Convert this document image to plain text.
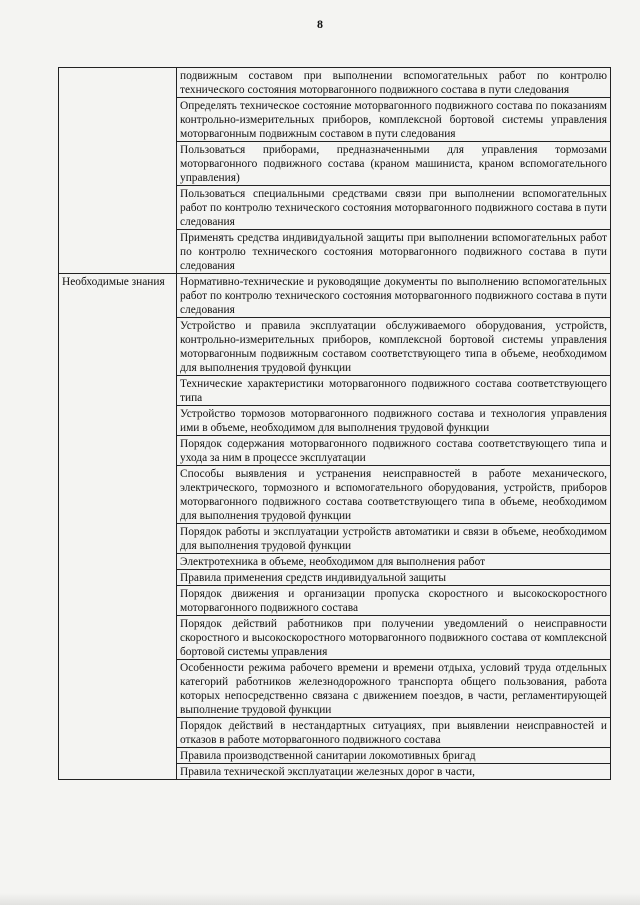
8

	подвижным составом при выполнении вспомогательных работ по контролю технического состояния моторвагонного подвижного состава в пути следования

	Определять техническое состояние моторвагонного подвижного состава по показаниям контрольно-измерительных приборов, комплексной бортовой системы управления моторвагонным подвижным составом в пути следования

	Пользоваться приборами, предназначенными для управления тормозами моторвагонного подвижного состава (краном машиниста, краном вспомогательного управления)

	Пользоваться специальными средствами связи при выполнении вспомогательных работ по контролю технического состояния моторвагонного подвижного состава в пути следования

	Применять средства индивидуальной защиты при выполнении вспомогательных работ по контролю технического состояния моторвагонного подвижного состава в пути следования

Необходимые знания	Нормативно-технические и руководящие документы по выполнению вспомогательных работ по контролю технического состояния моторвагонного подвижного состава в пути следования

	Устройство и правила эксплуатации обслуживаемого оборудования, устройств, контрольно-измерительных приборов, комплексной бортовой системы управления моторвагонным подвижным составом соответствующего типа в объеме, необходимом для выполнения трудовой функции

	Технические характеристики моторвагонного подвижного состава соответствующего типа

	Устройство тормозов моторвагонного подвижного состава и технология управления ими в объеме, необходимом для выполнения трудовой функции

	Порядок содержания моторвагонного подвижного состава соответствующего типа и ухода за ним в процессе эксплуатации

	Способы выявления и устранения неисправностей в работе механического, электрического, тормозного и вспомогательного оборудования, устройств, приборов моторвагонного подвижного состава соответствующего типа в объеме, необходимом для выполнения трудовой функции

	Порядок работы и эксплуатации устройств автоматики и связи в объеме, необходимом для выполнения трудовой функции

	Электротехника в объеме, необходимом для выполнения работ

	Правила применения средств индивидуальной защиты

	Порядок движения и организации пропуска скоростного и высокоскоростного моторвагонного подвижного состава

	Порядок действий работников при получении уведомлений о неисправности скоростного и высокоскоростного моторвагонного подвижного состава от комплексной бортовой системы управления

	Особенности режима рабочего времени и времени отдыха, условий труда отдельных категорий работников железнодорожного транспорта общего пользования, работа которых непосредственно связана с движением поездов, в части, регламентирующей выполнение трудовой функции

	Порядок действий в нестандартных ситуациях, при выявлении неисправностей и отказов в работе моторвагонного подвижного состава

	Правила производственной санитарии локомотивных бригад

	Правила технической эксплуатации железных дорог в части,
